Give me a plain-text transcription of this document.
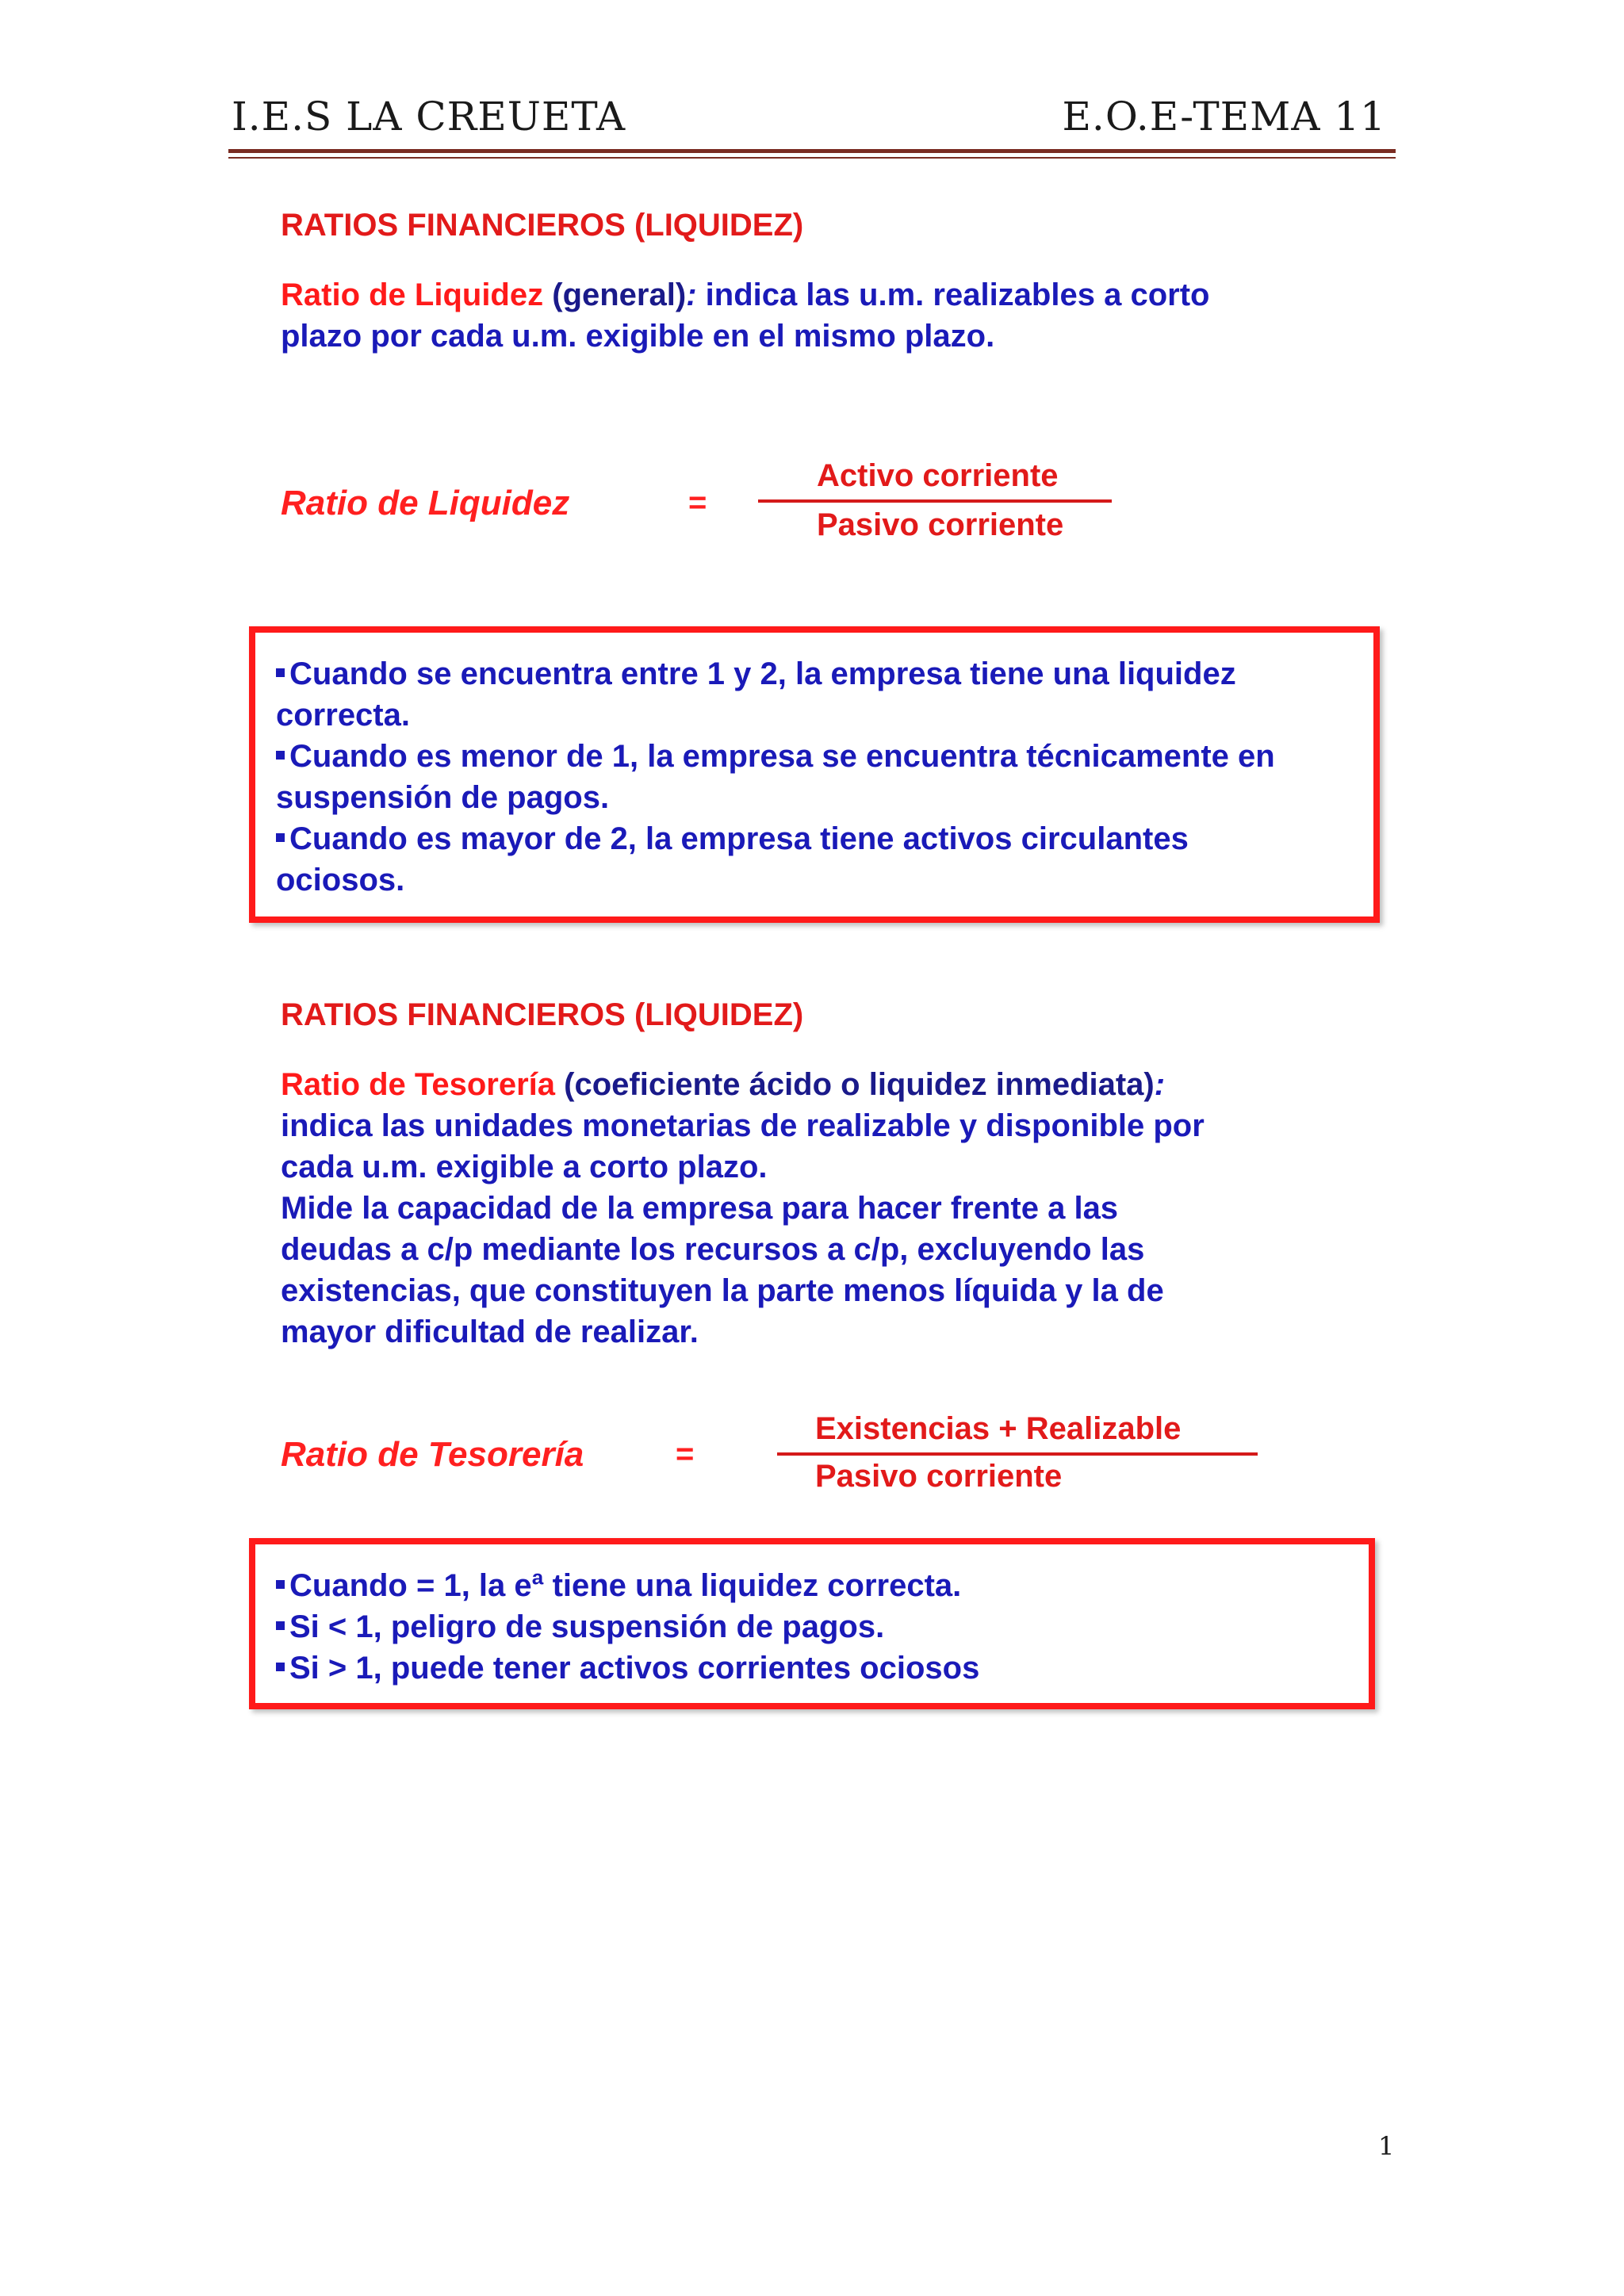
I.E.S LA CREUETA	E.O.E-TEMA 11
RATIOS FINANCIEROS (LIQUIDEZ)
Ratio de Liquidez (general): indica las u.m. realizables a corto
plazo por cada u.m. exigible en el mismo plazo.
Ratio de Liquidez	=
Activo corriente
Pasivo corriente
Cuando se encuentra entre 1 y 2, la empresa tiene una liquidez
correcta.
Cuando es menor de 1, la empresa se encuentra técnicamente en
suspensión de pagos.
Cuando es mayor de 2, la empresa tiene activos circulantes
ociosos.
RATIOS FINANCIEROS (LIQUIDEZ)
Ratio de Tesorería (coeficiente ácido o liquidez inmediata):
indica las unidades monetarias de realizable y disponible por
cada u.m. exigible a corto plazo.
Mide la capacidad de la empresa para hacer frente a las
deudas a c/p mediante los recursos a c/p, excluyendo las
existencias, que constituyen la parte menos líquida y la de
mayor dificultad de realizar.
Ratio de Tesorería	=
Existencias + Realizable
Pasivo corriente
Cuando = 1, la eª tiene una liquidez correcta.
Si < 1, peligro de suspensión de pagos.
Si > 1, puede tener activos corrientes ociosos
1
